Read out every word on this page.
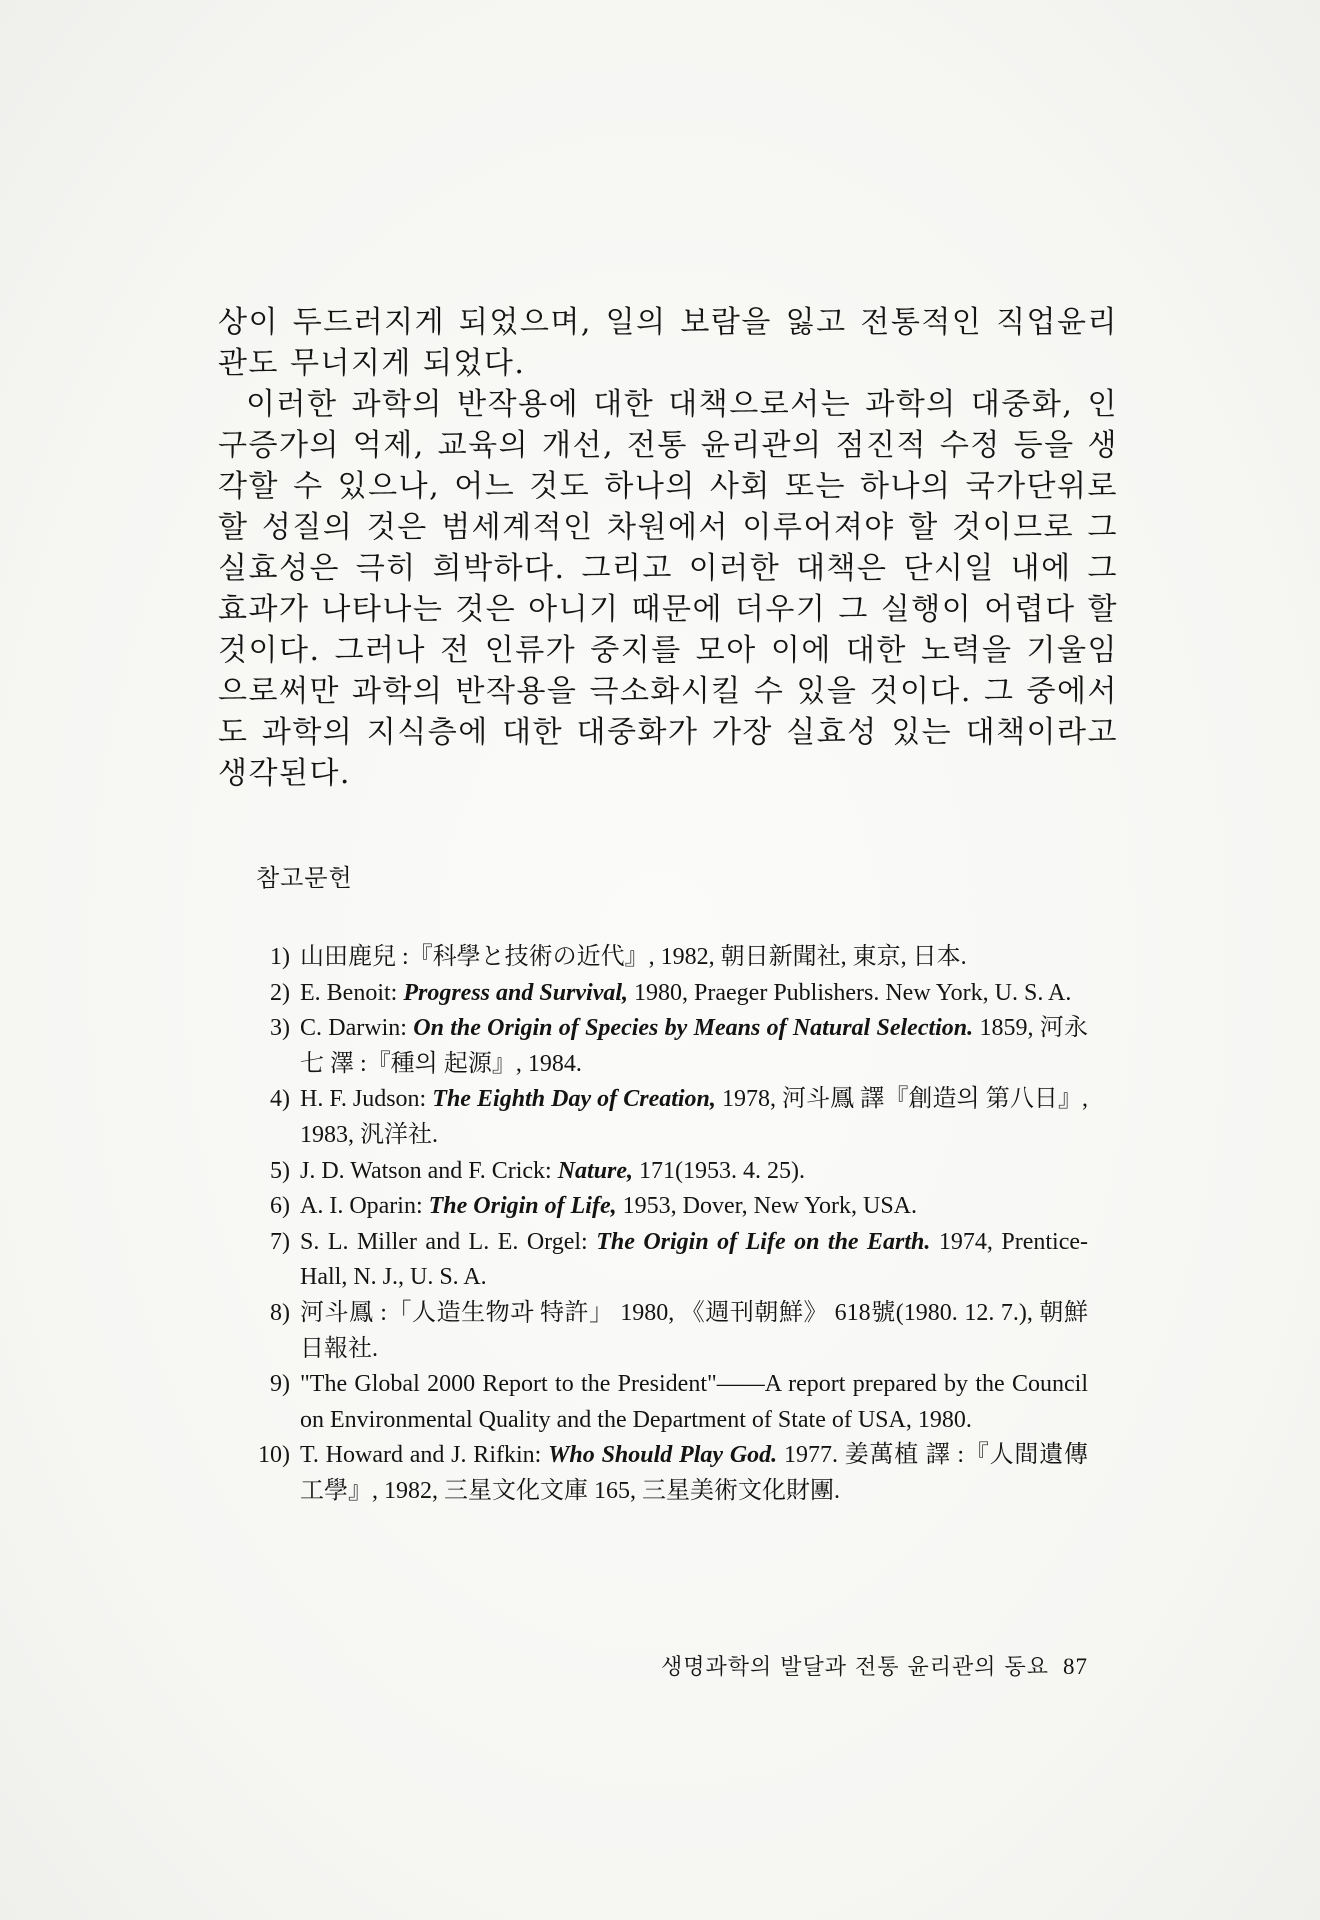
상이 두드러지게 되었으며, 일의 보람을 잃고 전통적인 직업윤리관도 무너지게 되었다.

이러한 과학의 반작용에 대한 대책으로서는 과학의 대중화, 인구증가의 억제, 교육의 개선, 전통 윤리관의 점진적 수정 등을 생각할 수 있으나, 어느 것도 하나의 사회 또는 하나의 국가단위로 할 성질의 것은 범세계적인 차원에서 이루어져야 할 것이므로 그 실효성은 극히 희박하다. 그리고 이러한 대책은 단시일 내에 그 효과가 나타나는 것은 아니기 때문에 더우기 그 실행이 어렵다 할 것이다. 그러나 전 인류가 중지를 모아 이에 대한 노력을 기울임으로써만 과학의 반작용을 극소화시킬 수 있을 것이다. 그 중에서도 과학의 지식층에 대한 대중화가 가장 실효성 있는 대책이라고 생각된다.

참고문헌
1) 山田鹿兒 :『科學と技術の近代』, 1982, 朝日新聞社, 東京, 日本.
2) E. Benoit: Progress and Survival, 1980, Praeger Publishers. New York, U. S. A.
3) C. Darwin: On the Origin of Species by Means of Natural Selection. 1859, 河永七 澤 :『種의 起源』, 1984.
4) H. F. Judson: The Eighth Day of Creation, 1978, 河斗鳳 譯『創造의 第八日』, 1983, 汎洋社.
5) J. D. Watson and F. Crick: Nature, 171(1953. 4. 25).
6) A. I. Oparin: The Origin of Life, 1953, Dover, New York, USA.
7) S. L. Miller and L. E. Orgel: The Origin of Life on the Earth. 1974, Prentice-Hall, N. J., U. S. A.
8) 河斗鳳 :「人造生物과 特許」 1980, 《週刊朝鮮》 618號(1980. 12. 7.), 朝鮮日報社.
9) "The Global 2000 Report to the President"——A report prepared by the Council on Environmental Quality and the Department of State of USA, 1980.
10) T. Howard and J. Rifkin: Who Should Play God. 1977. 姜萬植 譯 :『人間遺傳工學』, 1982, 三星文化文庫 165, 三星美術文化財團.
생명과학의 발달과 전통 윤리관의 동요 87
